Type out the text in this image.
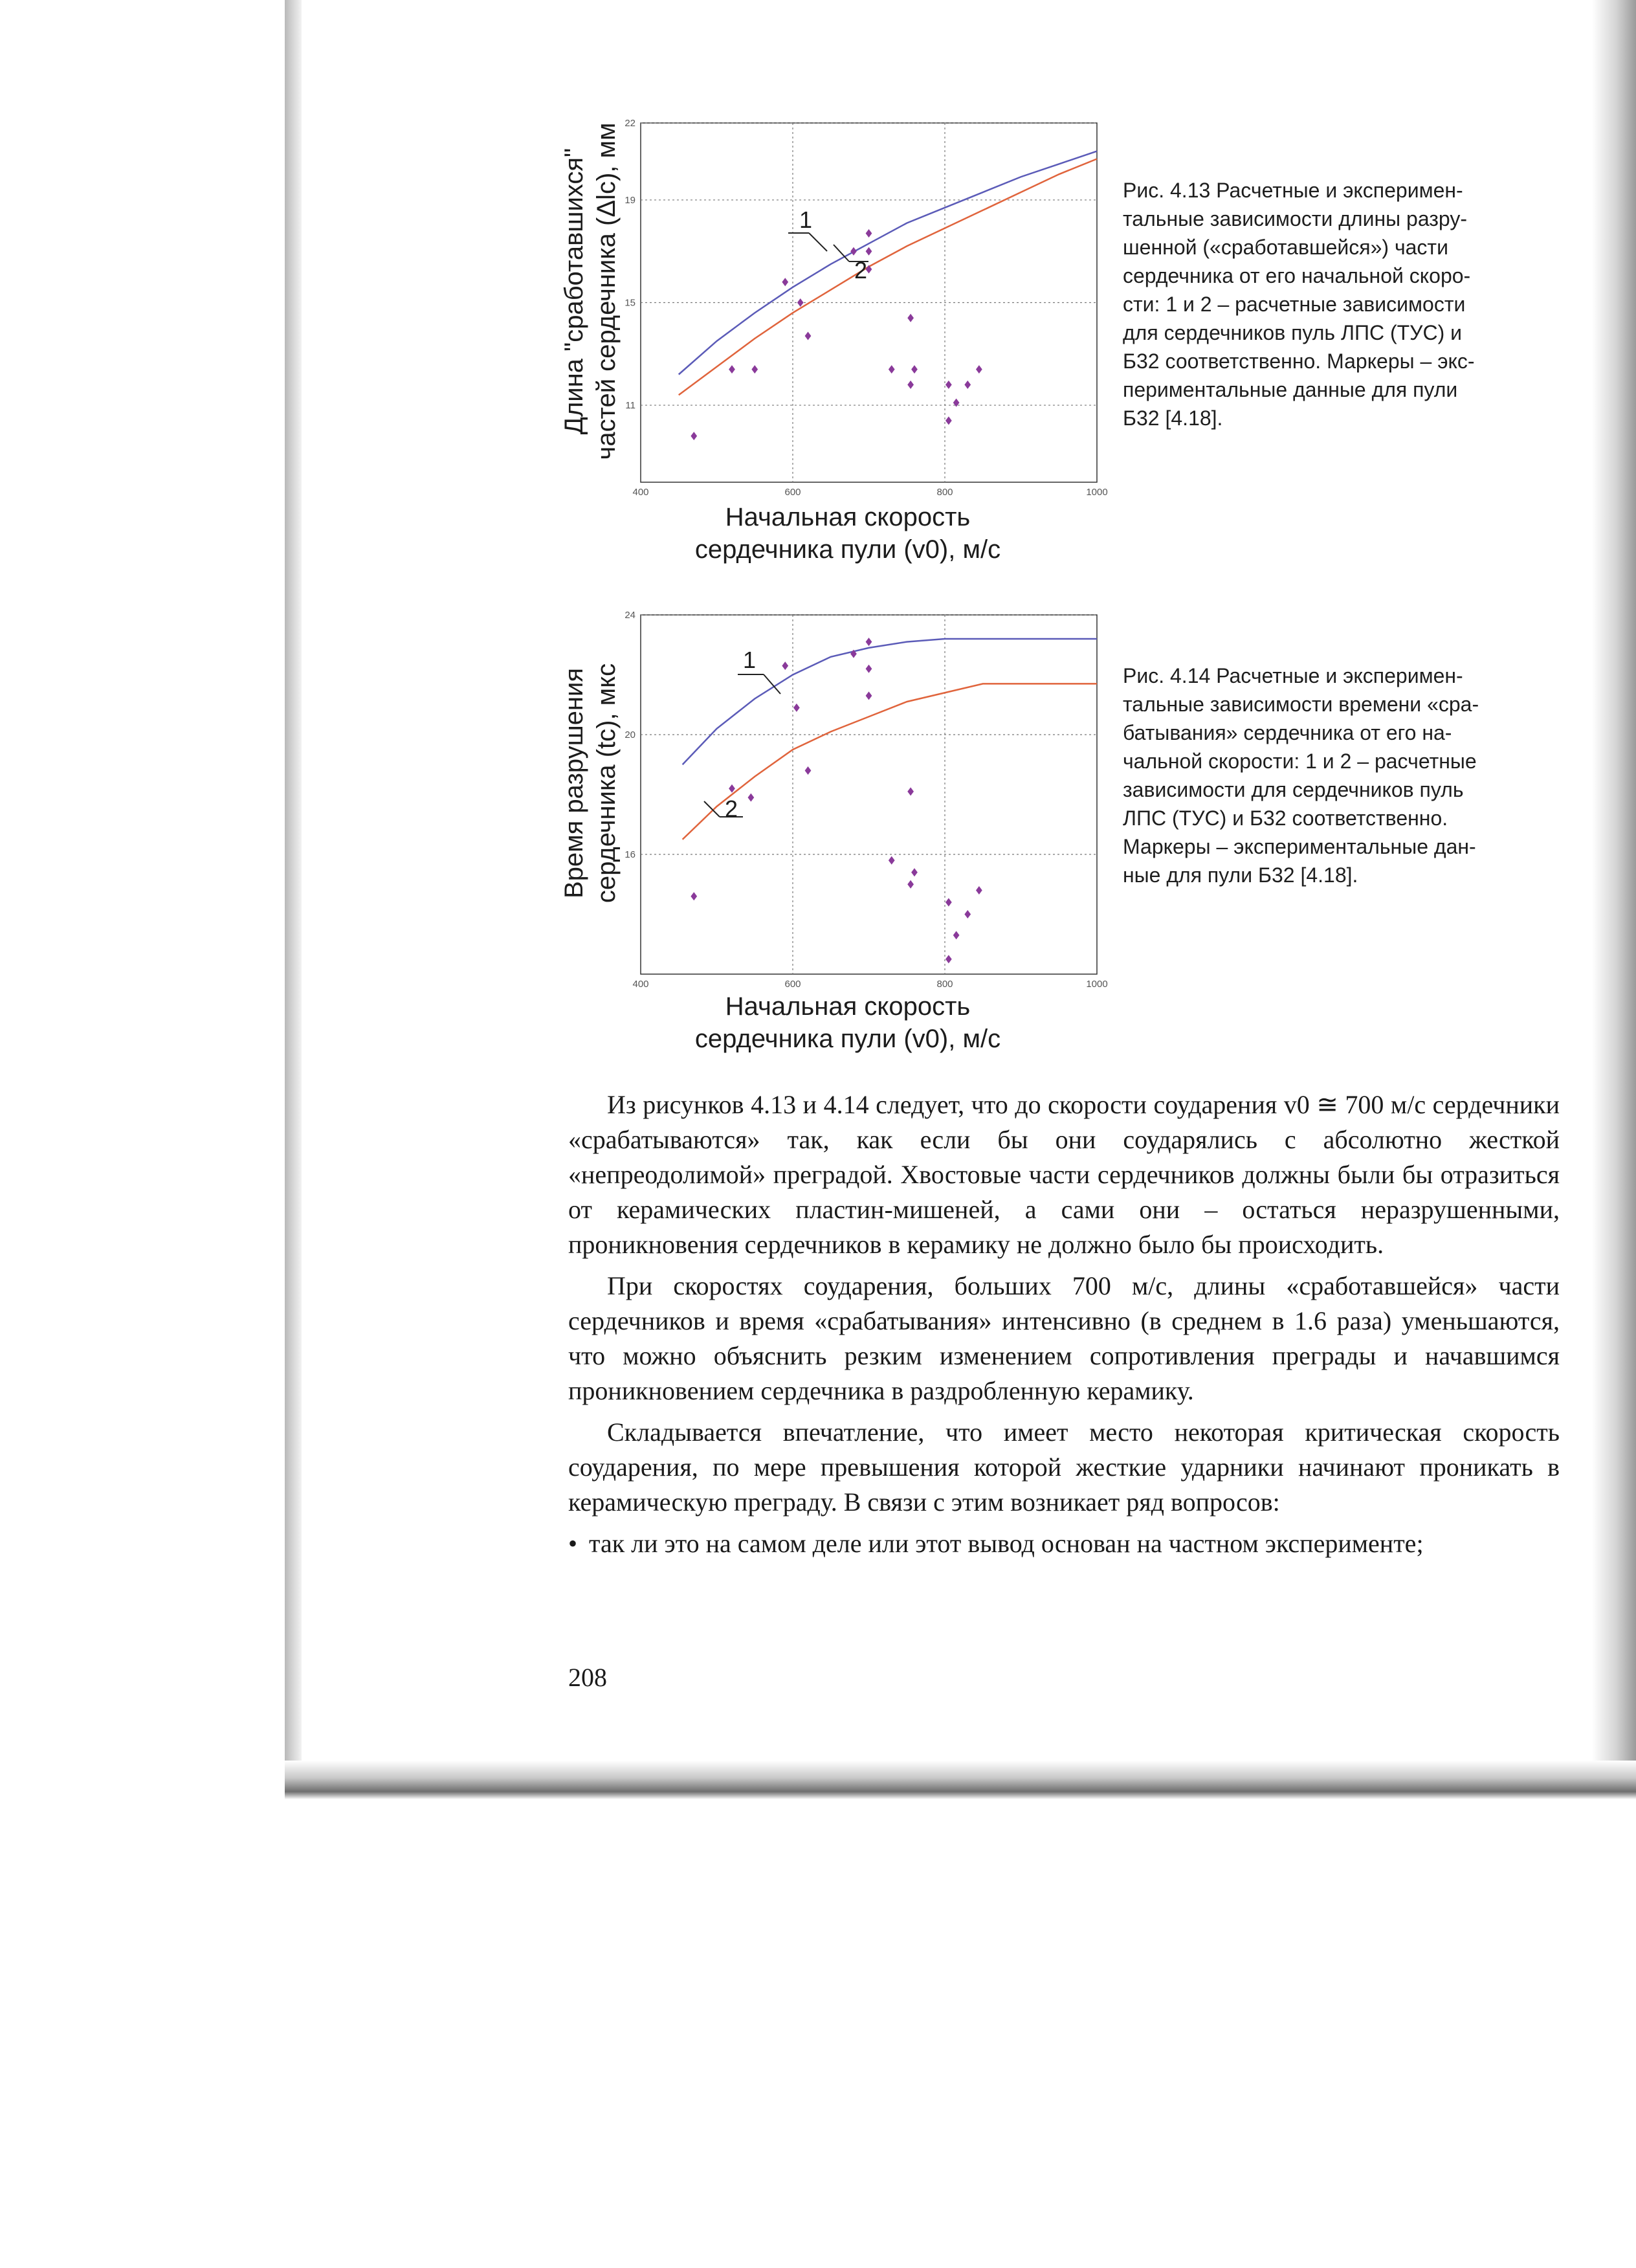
Длина "сработавшихся" частей сердечника (Δlc), мм
400	600	800	1000
11
15
19
22
1
2
Начальная скорость
сердечника пули (v0), м/с
Рис. 4.13 Расчетные и эксперимен-
тальные зависимости длины разру-
шенной («сработавшейся») части
сердечника от его начальной скоро-
сти: 1 и 2 – расчетные зависимости
для сердечников пуль ЛПС (ТУС) и
Б32 соответственно. Маркеры – экс-
периментальные данные для пули
Б32 [4.18].
Время разрушения сердечника (tc), мкс
400	600	800	1000
16
20
24
1
2
Начальная скорость
сердечника пули (v0), м/с
Рис. 4.14 Расчетные и эксперимен-
тальные зависимости времени «сра-
батывания» сердечника от его на-
чальной скорости: 1 и 2 – расчетные
зависимости для сердечников пуль
ЛПС (ТУС) и Б32 соответственно.
Маркеры – экспериментальные дан-
ные для пули Б32 [4.18].

Из рисунков 4.13 и 4.14 следует, что до скорости соударения v0 ≅ 700 м/с сердечники «срабатываются» так, как если бы они соударялись с абсолютно жесткой «непреодолимой» преградой. Хвостовые части сердечников должны были бы отразиться от керамических пластин-мишеней, а сами они – остаться неразрушенными, проникновения сердечников в керамику не должно было бы происходить.

При скоростях соударения, больших 700 м/с, длины «сработавшейся» части сердечников и время «срабатывания» интенсивно (в среднем в 1.6 раза) уменьшаются, что можно объяснить резким изменением сопротивления преграды и начавшимся проникновением сердечника в раздробленную керамику.

Складывается впечатление, что имеет место некоторая критическая скорость соударения, по мере превышения которой жесткие ударники начинают проникать в керамическую преграду. В связи с этим возникает ряд вопросов:

• так ли это на самом деле или этот вывод основан на частном эксперименте;

208
